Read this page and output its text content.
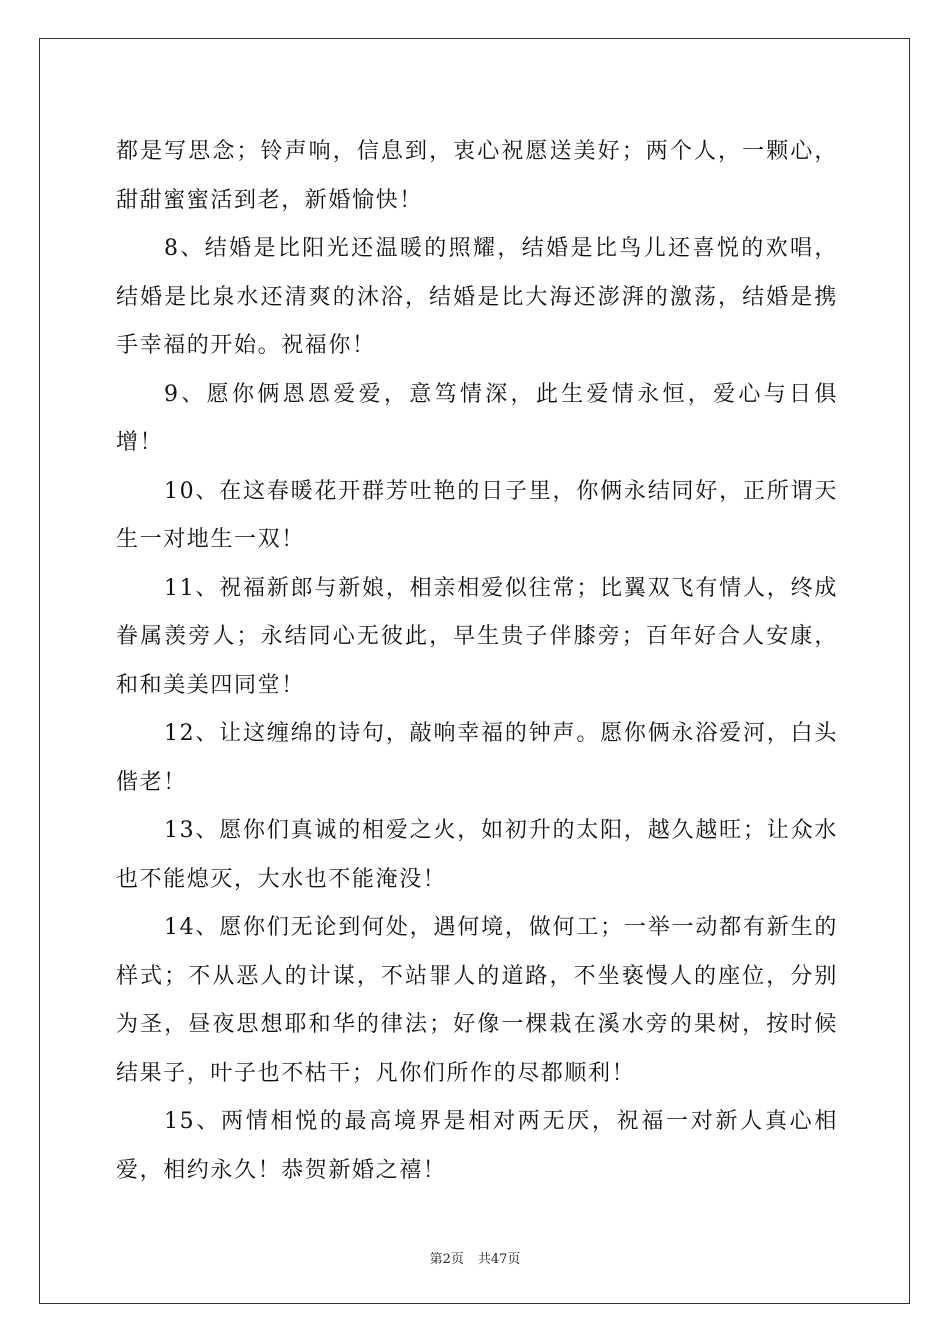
都是写思念；铃声响，信息到，衷心祝愿送美好；两个人，一颗心，甜甜蜜蜜活到老，新婚愉快！

8、结婚是比阳光还温暖的照耀，结婚是比鸟儿还喜悦的欢唱，结婚是比泉水还清爽的沐浴，结婚是比大海还澎湃的激荡，结婚是携手幸福的开始。祝福你！

9、愿你俩恩恩爱爱，意笃情深，此生爱情永恒，爱心与日俱增！

10、在这春暖花开群芳吐艳的日子里，你俩永结同好，正所谓天生一对地生一双！

11、祝福新郎与新娘，相亲相爱似往常；比翼双飞有情人，终成眷属羡旁人；永结同心无彼此，早生贵子伴膝旁；百年好合人安康，和和美美四同堂！

12、让这缠绵的诗句，敲响幸福的钟声。愿你俩永浴爱河，白头偕老！

13、愿你们真诚的相爱之火，如初升的太阳，越久越旺；让众水也不能熄灭，大水也不能淹没！

14、愿你们无论到何处，遇何境，做何工；一举一动都有新生的样式；不从恶人的计谋，不站罪人的道路，不坐亵慢人的座位，分别为圣，昼夜思想耶和华的律法；好像一棵栽在溪水旁的果树，按时候结果子，叶子也不枯干；凡你们所作的尽都顺利！

15、两情相悦的最高境界是相对两无厌，祝福一对新人真心相爱，相约永久！恭贺新婚之禧！

第2页 共47页
